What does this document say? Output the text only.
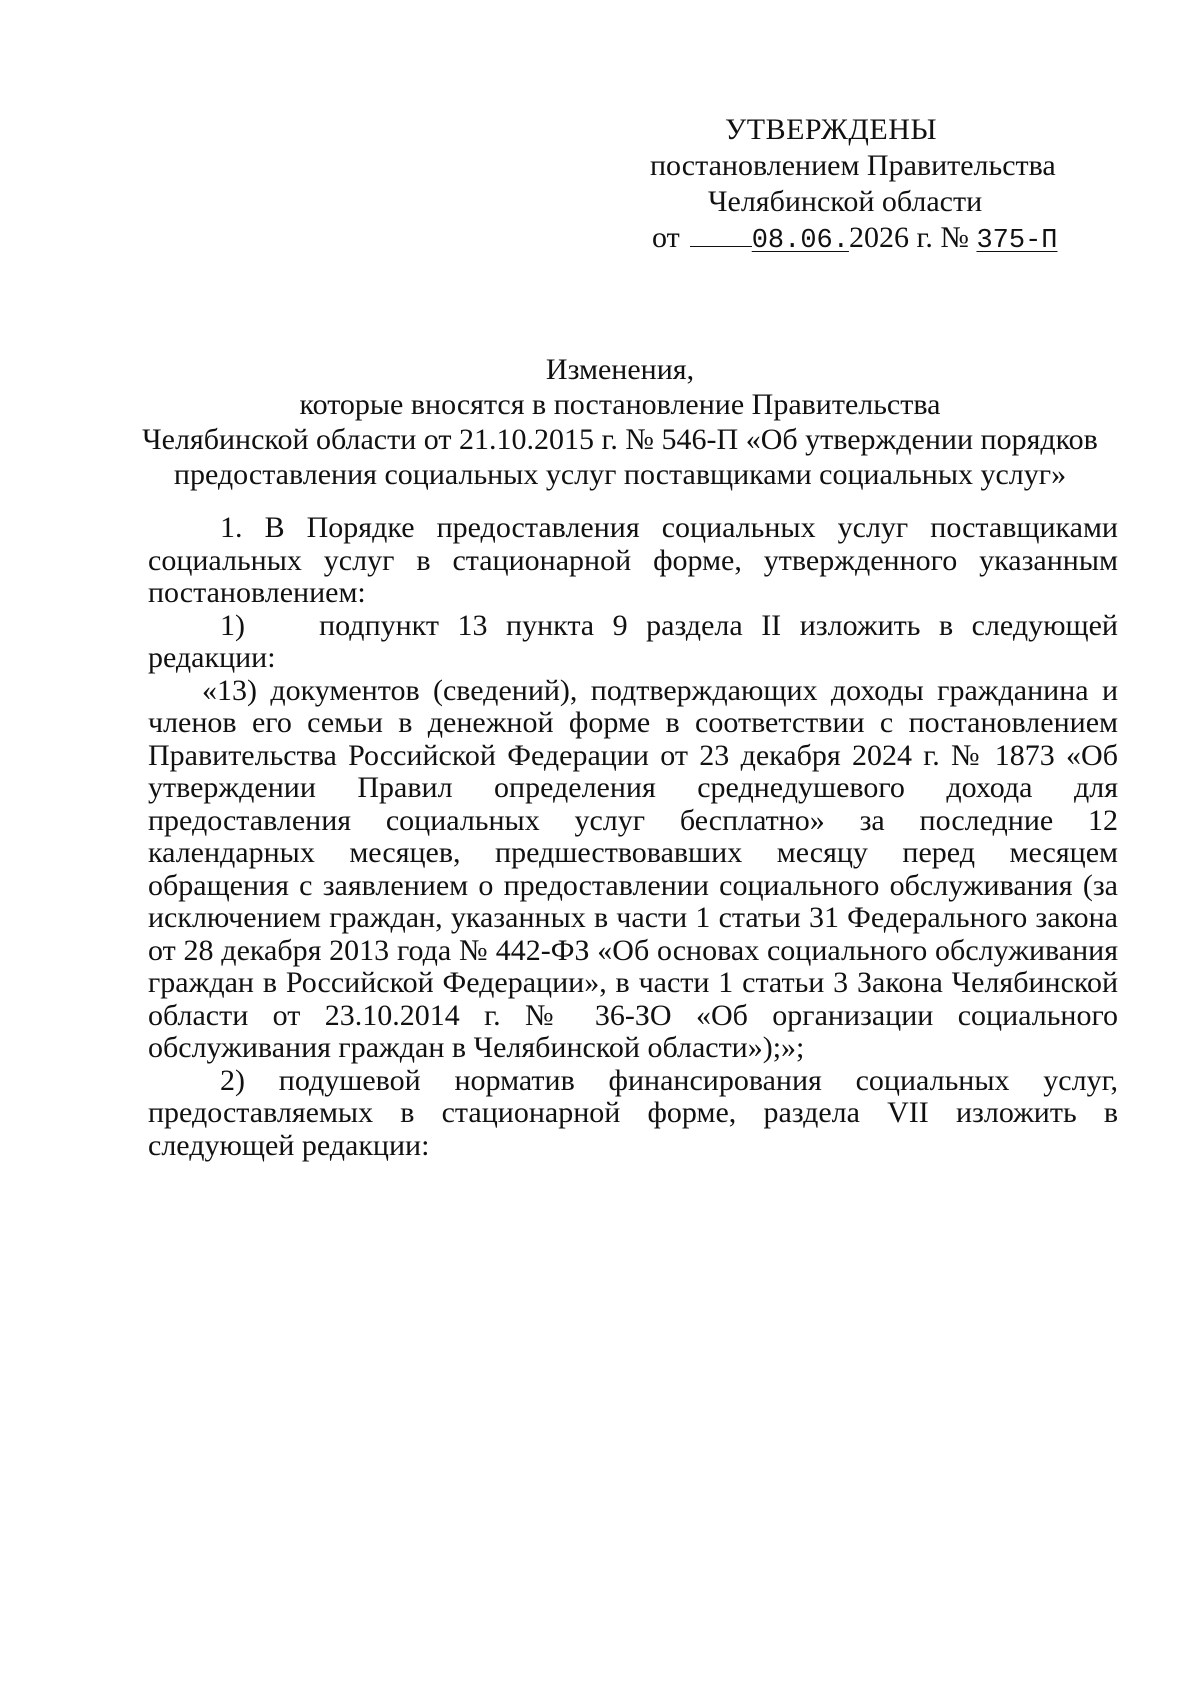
УТВЕРЖДЕНЫ
постановлением Правительства
Челябинской области
от	08.06.2026 г. № 375-П
Изменения,
которые вносятся в постановление Правительства
Челябинской области от 21.10.2015 г. № 546-П «Об утверждении порядков
предоставления социальных услуг поставщиками социальных услуг»

1. В Порядке предоставления социальных услуг поставщиками социальных услуг в стационарной форме, утвержденного указанным постановлением:

1)    подпункт 13 пункта 9 раздела II изложить в следующей редакции:

«13) документов (сведений), подтверждающих доходы гражданина и членов его семьи в денежной форме в соответствии с постановлением Правительства Российской Федерации от 23 декабря 2024 г. № 1873 «Об утверждении Правил определения среднедушевого дохода для предоставления социальных услуг бесплатно» за последние 12 календарных месяцев, предшествовавших месяцу перед месяцем обращения с заявлением о предоставлении социального обслуживания (за исключением граждан, указанных в части 1 статьи 31 Федерального закона от 28 декабря 2013 года № 442-ФЗ «Об основах социального обслуживания граждан в Российской Федерации», в части 1 статьи 3 Закона Челябинской области от 23.10.2014 г. № 36-ЗО «Об организации социального обслуживания граждан в Челябинской области»);»;

2) подушевой норматив финансирования социальных услуг, предоставляемых в стационарной форме, раздела VII изложить в следующей редакции:
